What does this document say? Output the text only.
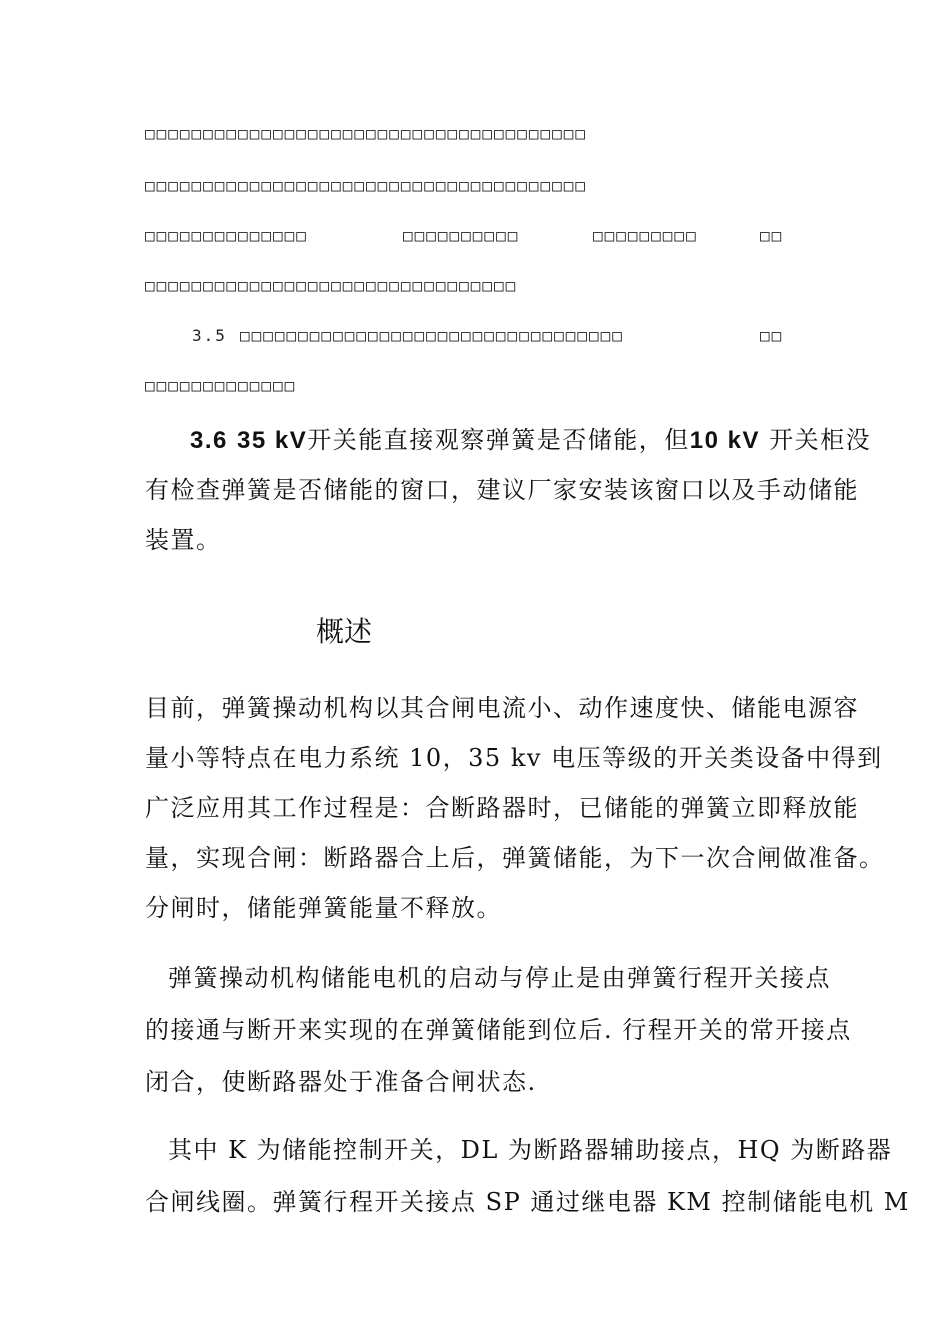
□□□□□□□□□□□□□□□□□□□□□□□□□□□□□□□□□□□□□□
□□□□□□□□□□□□□□□□□□□□□□□□□□□□□□□□□□□□□□
□□□□□□□□□□□□□□	□□□□□□□□□□	□□□□□□□□□	□□
□□□□□□□□□□□□□□□□□□□□□□□□□□□□□□□□
3.5 □□□□□□□□□□□□□□□□□□□□□□□□□□□□□□□□□	□□
□□□□□□□□□□□□□
3.6 35 kV开关能直接观察弹簧是否储能，但10 kV 开关柜没
有检查弹簧是否储能的窗口，建议厂家安装该窗口以及手动储能
装置。
概述
目前，弹簧操动机构以其合闸电流小、动作速度快、储能电源容
量小等特点在电力系统 10，35 kv 电压等级的开关类设备中得到
广泛应用其工作过程是：合断路器时，已储能的弹簧立即释放能
量，实现合闸：断路器合上后，弹簧储能，为下一次合闸做准备。
分闸时，储能弹簧能量不释放。
弹簧操动机构储能电机的启动与停止是由弹簧行程开关接点
的接通与断开来实现的在弹簧储能到位后. 行程开关的常开接点
闭合，使断路器处于准备合闸状态.
其中 K 为储能控制开关，DL 为断路器辅助接点，HQ 为断路器
合闸线圈。弹簧行程开关接点 SP 通过继电器 KM 控制储能电机 M
